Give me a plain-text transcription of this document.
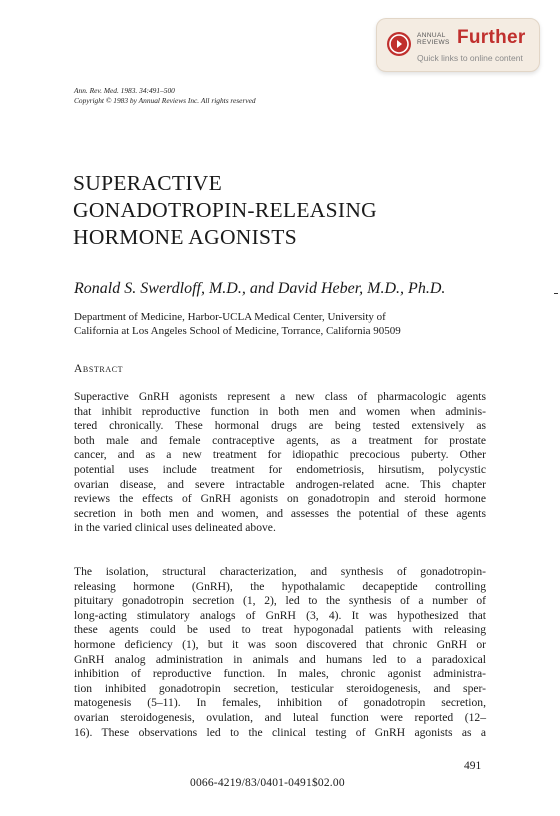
ANNUAL
REVIEWS Further
Quick links to online content
Ann. Rev. Med. 1983. 34:491–500
Copyright © 1983 by Annual Reviews Inc. All rights reserved
SUPERACTIVE
GONADOTROPIN-RELEASING
HORMONE AGONISTS
Ronald S. Swerdloff, M.D., and David Heber, M.D., Ph.D.
Department of Medicine, Harbor-UCLA Medical Center, University of
California at Los Angeles School of Medicine, Torrance, California 90509
Abstract
Superactive GnRH agonists represent a new class of pharmacologic agents
that inhibit reproductive function in both men and women when adminis-
tered chronically. These hormonal drugs are being tested extensively as
both male and female contraceptive agents, as a treatment for prostate
cancer, and as a new treatment for idiopathic precocious puberty. Other
potential uses include treatment for endometriosis, hirsutism, polycystic
ovarian disease, and severe intractable androgen-related acne. This chapter
reviews the effects of GnRH agonists on gonadotropin and steroid hormone
secretion in both men and women, and assesses the potential of these agents
in the varied clinical uses delineated above.
The isolation, structural characterization, and synthesis of gonadotropin-
releasing hormone (GnRH), the hypothalamic decapeptide controlling
pituitary gonadotropin secretion (1, 2), led to the synthesis of a number of
long-acting stimulatory analogs of GnRH (3, 4). It was hypothesized that
these agents could be used to treat hypogonadal patients with releasing
hormone deficiency (1), but it was soon discovered that chronic GnRH or
GnRH analog administration in animals and humans led to a paradoxical
inhibition of reproductive function. In males, chronic agonist administra-
tion inhibited gonadotropin secretion, testicular steroidogenesis, and sper-
matogenesis (5–11). In females, inhibition of gonadotropin secretion,
ovarian steroidogenesis, ovulation, and luteal function were reported (12–
16). These observations led to the clinical testing of GnRH agonists as a
491
0066-4219/83/0401-0491$02.00
